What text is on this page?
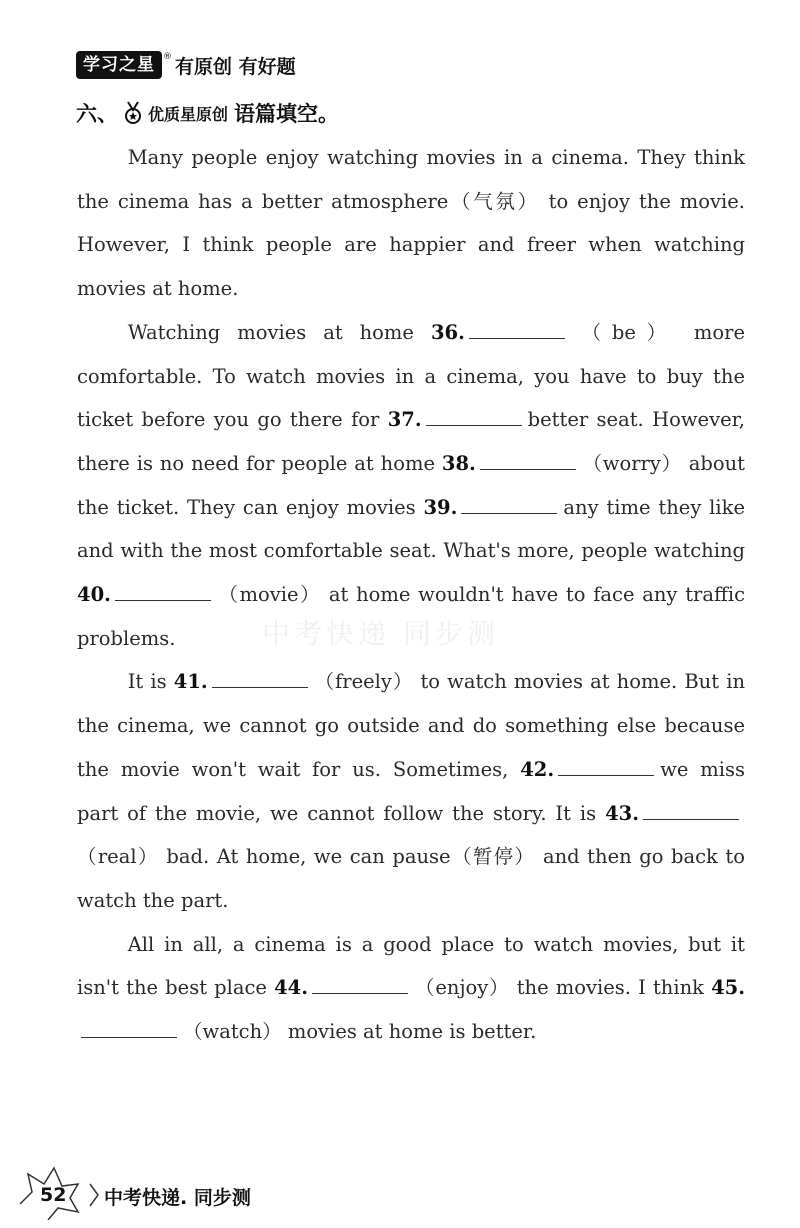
学习之星 ® 有原创 有好题
六、 优质星原创 语篇填空。

Many people enjoy watching movies in a cinema. They think the cinema has a better atmosphere（气氛） to enjoy the movie. However, I think people are happier and freer when watching movies at home.

Watching movies at home 36.	（be） more comfortable. To watch movies in a cinema, you have to buy the ticket before you go there for 37.	better seat. However, there is no need for people at home 38.	（worry） about the ticket. They can enjoy movies 39.	any time they like and with the most comfortable seat. What's more, people watching 40.	（movie） at home wouldn't have to face any traffic problems.

It is 41.	（freely） to watch movies at home. But in the cinema, we cannot go outside and do something else because the movie won't wait for us. Sometimes, 42.	we miss part of the movie, we cannot follow the story. It is 43.（real） bad. At home, we can pause（暂停） and then go back to watch the part.

All in all, a cinema is a good place to watch movies, but it isn't the best place 44.	（enjoy） the movies. I think 45.（watch） movies at home is better.

中考快递 同步测
52 中考快递. 同步测
